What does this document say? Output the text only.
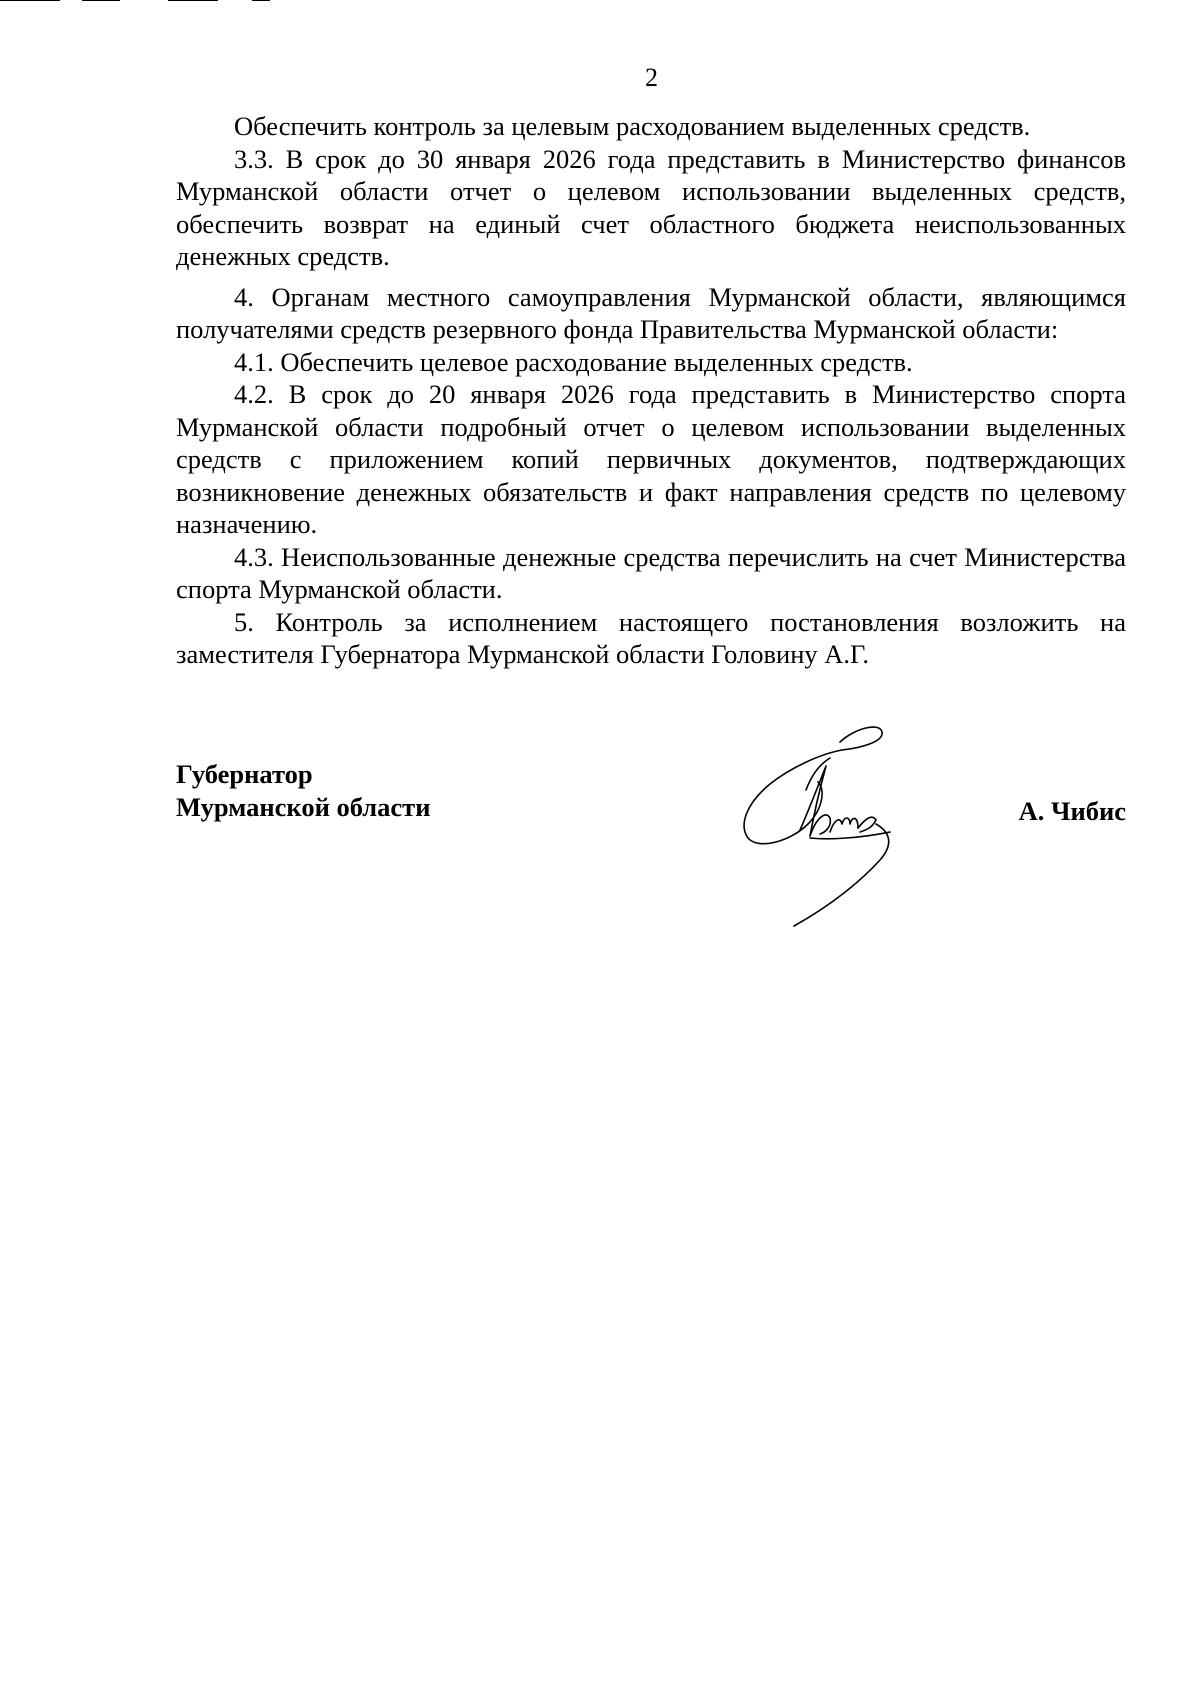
2

Обеспечить контроль за целевым расходованием выделенных средств.

3.3. В срок до 30 января 2026 года представить в Министерство финансов Мурманской области отчет о целевом использовании выделенных средств, обеспечить возврат на единый счет областного бюджета неиспользованных денежных средств.

4. Органам местного самоуправления Мурманской области, являющимся получателями средств резервного фонда Правительства Мурманской области:

4.1. Обеспечить целевое расходование выделенных средств.

4.2. В срок до 20 января 2026 года представить в Министерство спорта Мурманской области подробный отчет о целевом использовании выделенных средств с приложением копий первичных документов, подтверждающих возникновение денежных обязательств и факт направления средств по целевому назначению.

4.3. Неиспользованные денежные средства перечислить на счет Министерства спорта Мурманской области.

5. Контроль за исполнением настоящего постановления возложить на заместителя Губернатора Мурманской области Головину А.Г.

Губернатор
Мурманской области	А. Чибис
